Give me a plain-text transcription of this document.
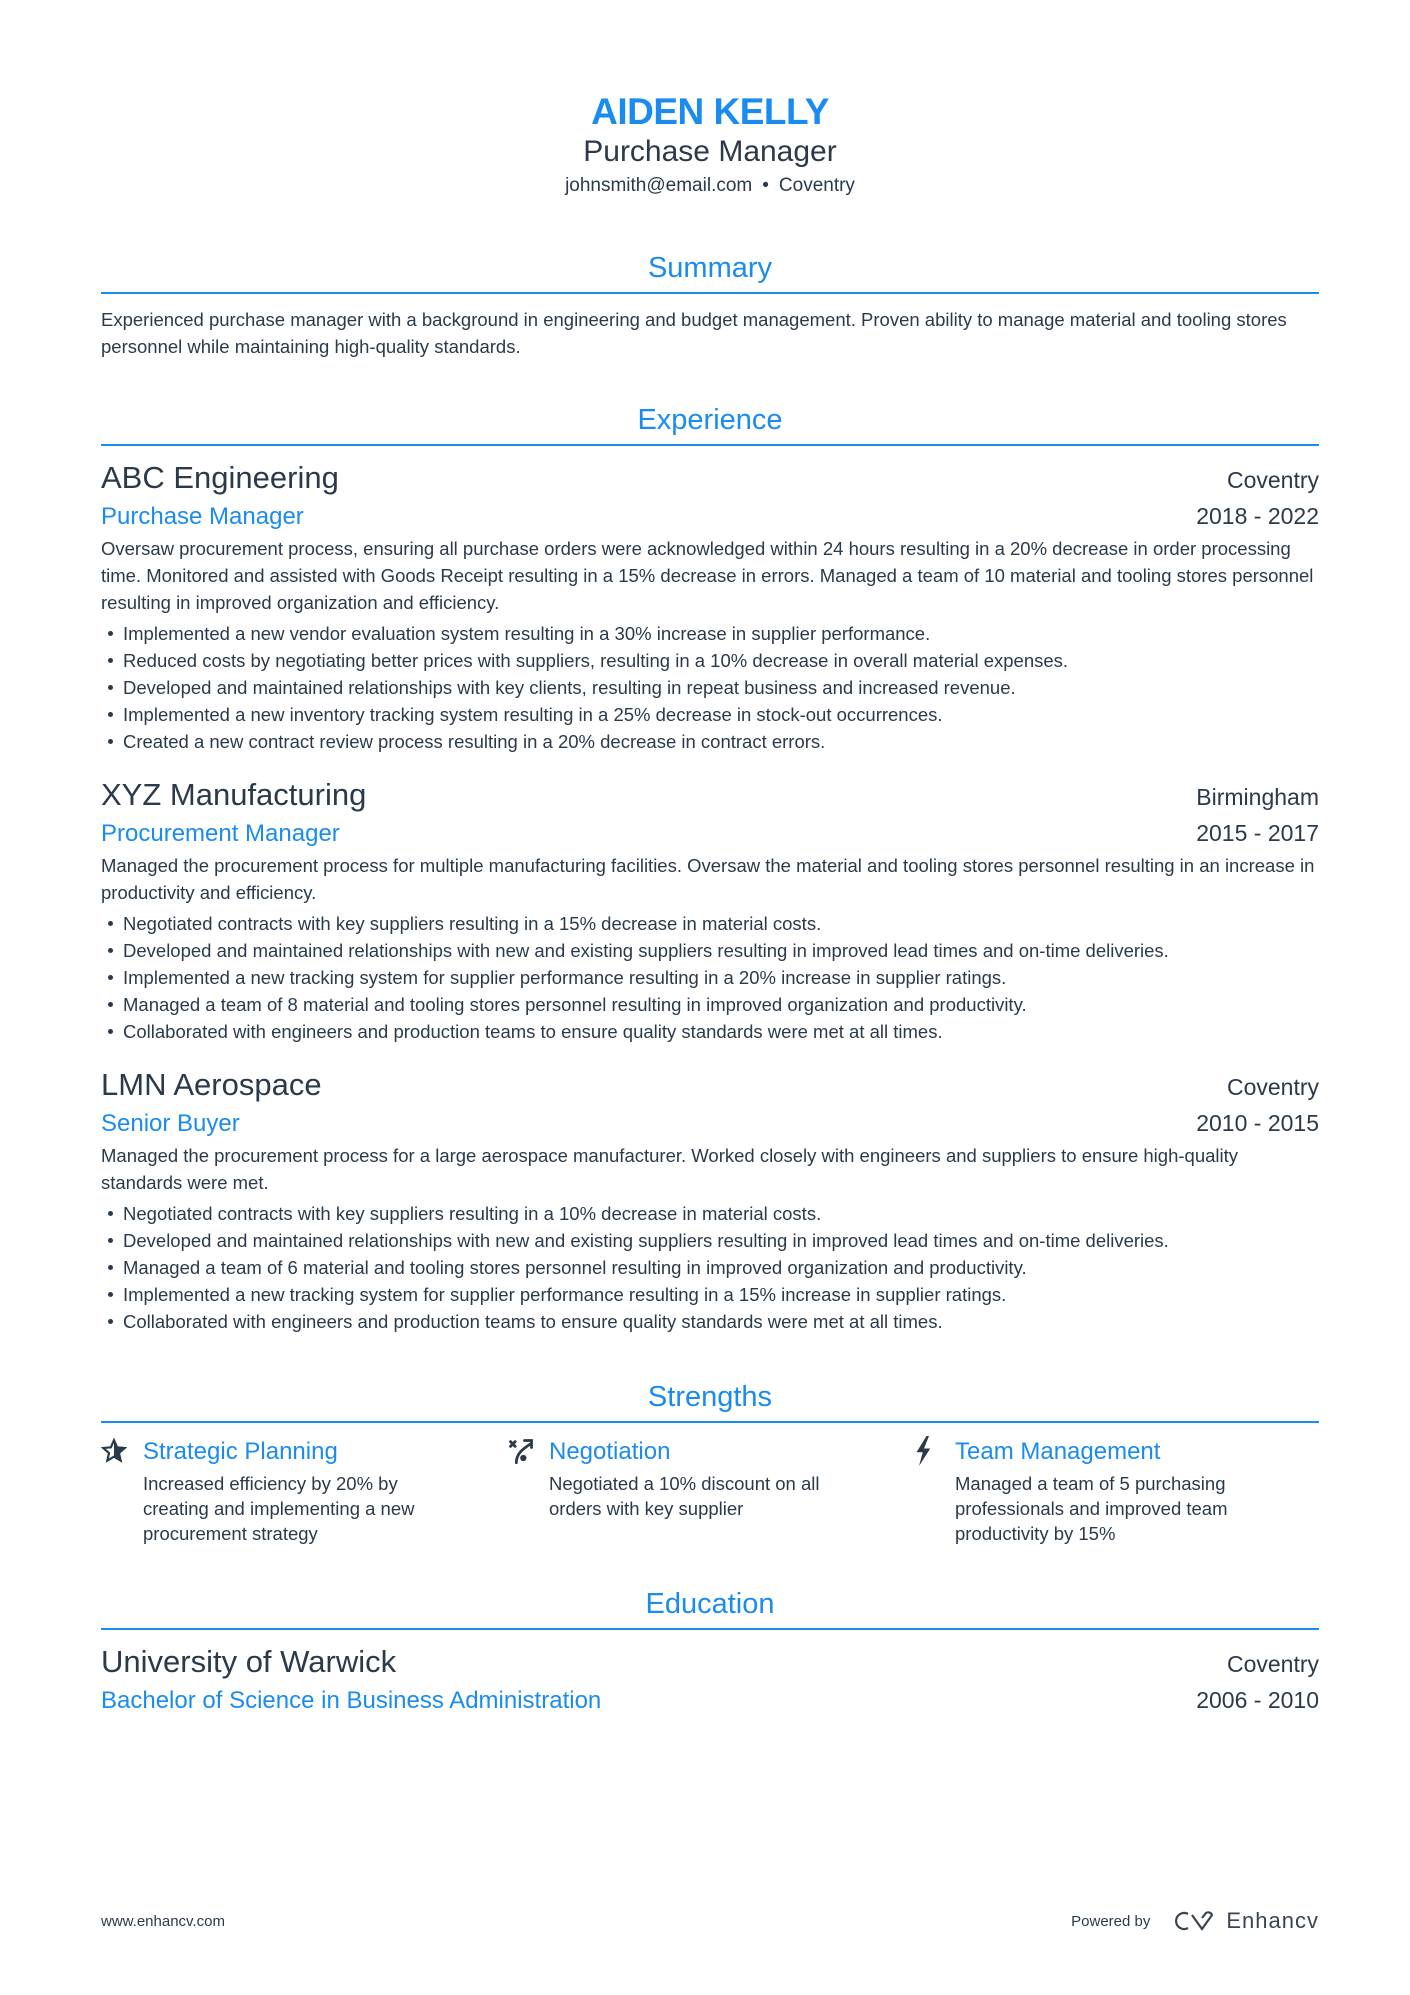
AIDEN KELLY
Purchase Manager
johnsmith@email.com • Coventry
Summary
Experienced purchase manager with a background in engineering and budget management. Proven ability to manage material and tooling stores personnel while maintaining high-quality standards.
Experience
ABC Engineering	Coventry
Purchase Manager	2018 - 2022
Oversaw procurement process, ensuring all purchase orders were acknowledged within 24 hours resulting in a 20% decrease in order processing time. Monitored and assisted with Goods Receipt resulting in a 15% decrease in errors. Managed a team of 10 material and tooling stores personnel resulting in improved organization and efficiency.
Implemented a new vendor evaluation system resulting in a 30% increase in supplier performance.
Reduced costs by negotiating better prices with suppliers, resulting in a 10% decrease in overall material expenses.
Developed and maintained relationships with key clients, resulting in repeat business and increased revenue.
Implemented a new inventory tracking system resulting in a 25% decrease in stock-out occurrences.
Created a new contract review process resulting in a 20% decrease in contract errors.
XYZ Manufacturing	Birmingham
Procurement Manager	2015 - 2017
Managed the procurement process for multiple manufacturing facilities. Oversaw the material and tooling stores personnel resulting in an increase in productivity and efficiency.
Negotiated contracts with key suppliers resulting in a 15% decrease in material costs.
Developed and maintained relationships with new and existing suppliers resulting in improved lead times and on-time deliveries.
Implemented a new tracking system for supplier performance resulting in a 20% increase in supplier ratings.
Managed a team of 8 material and tooling stores personnel resulting in improved organization and productivity.
Collaborated with engineers and production teams to ensure quality standards were met at all times.
LMN Aerospace	Coventry
Senior Buyer	2010 - 2015
Managed the procurement process for a large aerospace manufacturer. Worked closely with engineers and suppliers to ensure high-quality standards were met.
Negotiated contracts with key suppliers resulting in a 10% decrease in material costs.
Developed and maintained relationships with new and existing suppliers resulting in improved lead times and on-time deliveries.
Managed a team of 6 material and tooling stores personnel resulting in improved organization and productivity.
Implemented a new tracking system for supplier performance resulting in a 15% increase in supplier ratings.
Collaborated with engineers and production teams to ensure quality standards were met at all times.
Strengths
Strategic Planning
Increased efficiency by 20% by creating and implementing a new procurement strategy
Negotiation
Negotiated a 10% discount on all orders with key supplier
Team Management
Managed a team of 5 purchasing professionals and improved team productivity by 15%
Education
University of Warwick	Coventry
Bachelor of Science in Business Administration	2006 - 2010
www.enhancv.com	Powered by	Enhancv
